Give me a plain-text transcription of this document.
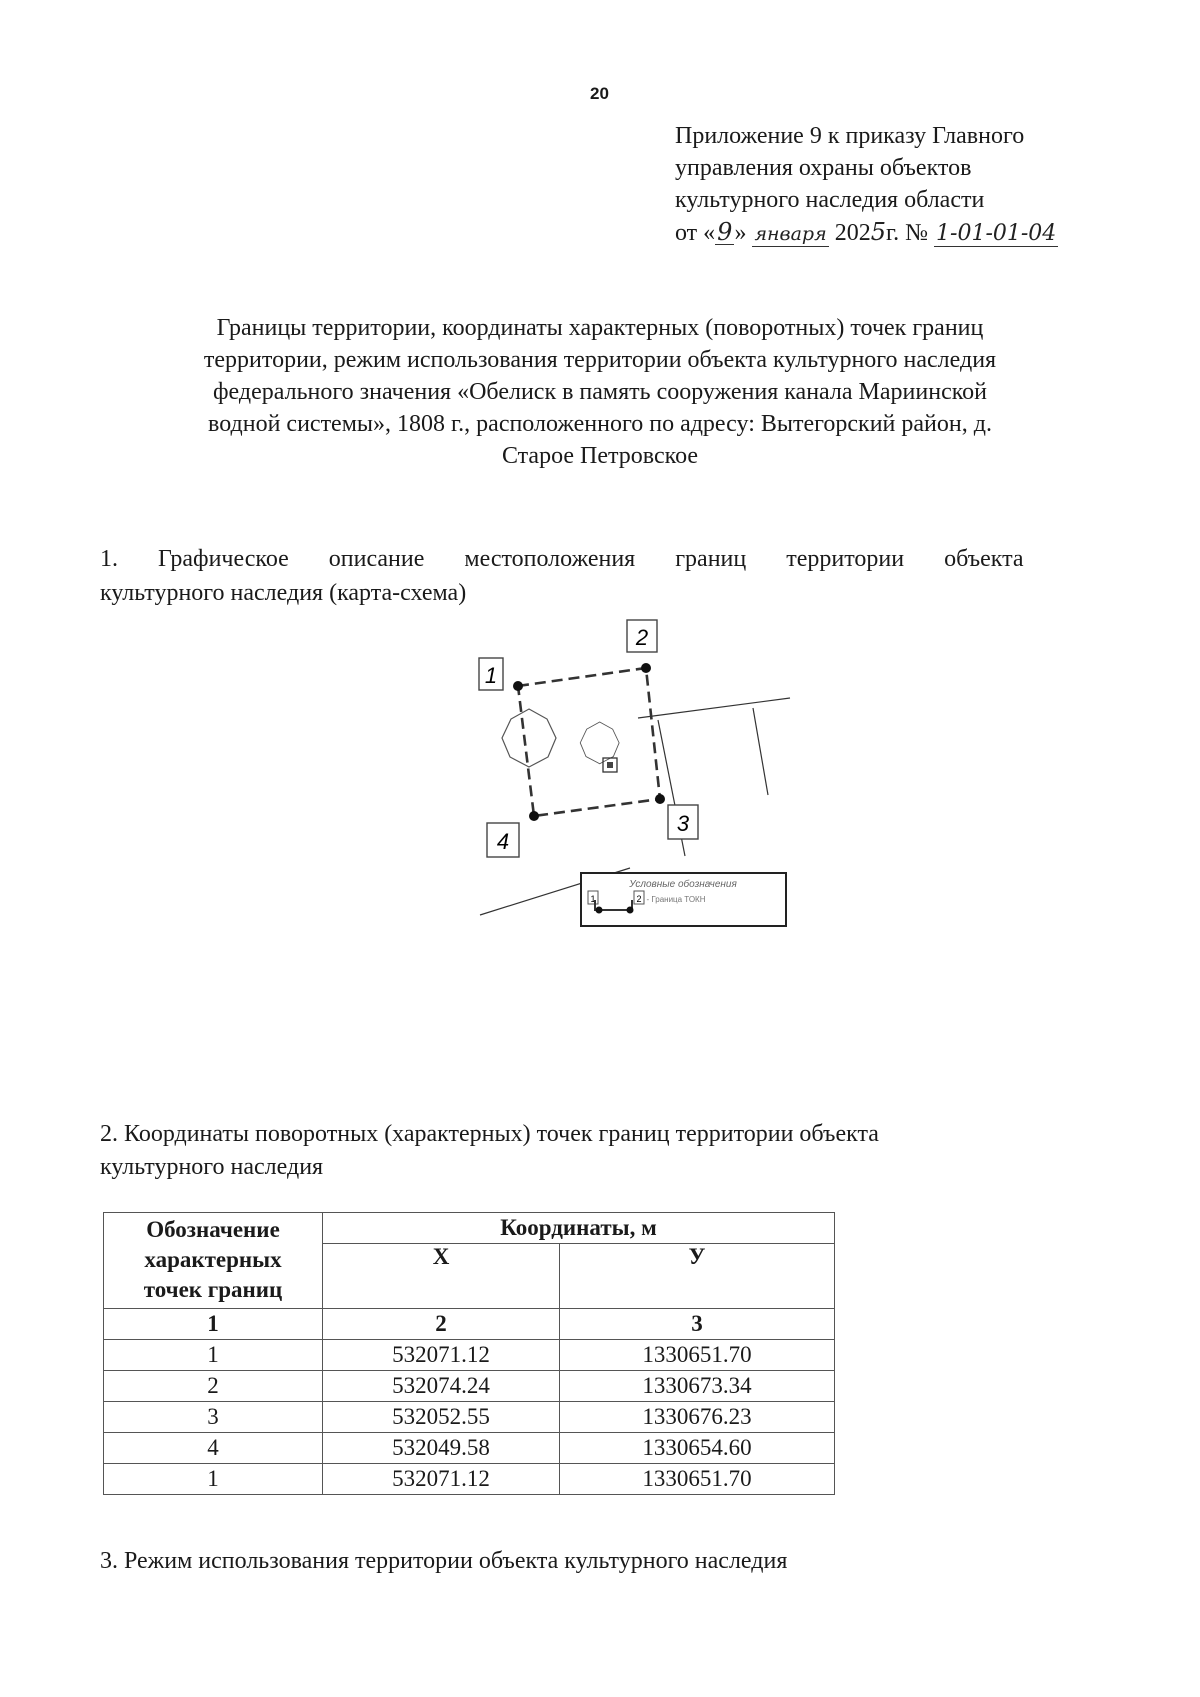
20
Приложение 9 к приказу Главного
управления охраны объектов
культурного наследия области
от «9» января 2025г. № 1-01-01-04
Границы территории, координаты характерных (поворотных) точек границ
территории, режим использования территории объекта культурного наследия
федерального значения «Обелиск в память сооружения канала Мариинской
водной системы», 1808 г., расположенного по адресу: Вытегорский район, д.
Старое Петровское
1. Графическое описание местоположения границ территории объекта
культурного наследия (карта-схема)
1
2
3
4
Условные обозначения
1	2 - Граница ТОКН
2. Координаты поворотных (характерных) точек границ территории объекта
культурного наследия
Обозначение
характерных
точек границ	Координаты, м	
	X	У
1	2	3
1	532071.12	1330651.70
2	532074.24	1330673.34
3	532052.55	1330676.23
4	532049.58	1330654.60
1	532071.12	1330651.70
3. Режим использования территории объекта культурного наследия
